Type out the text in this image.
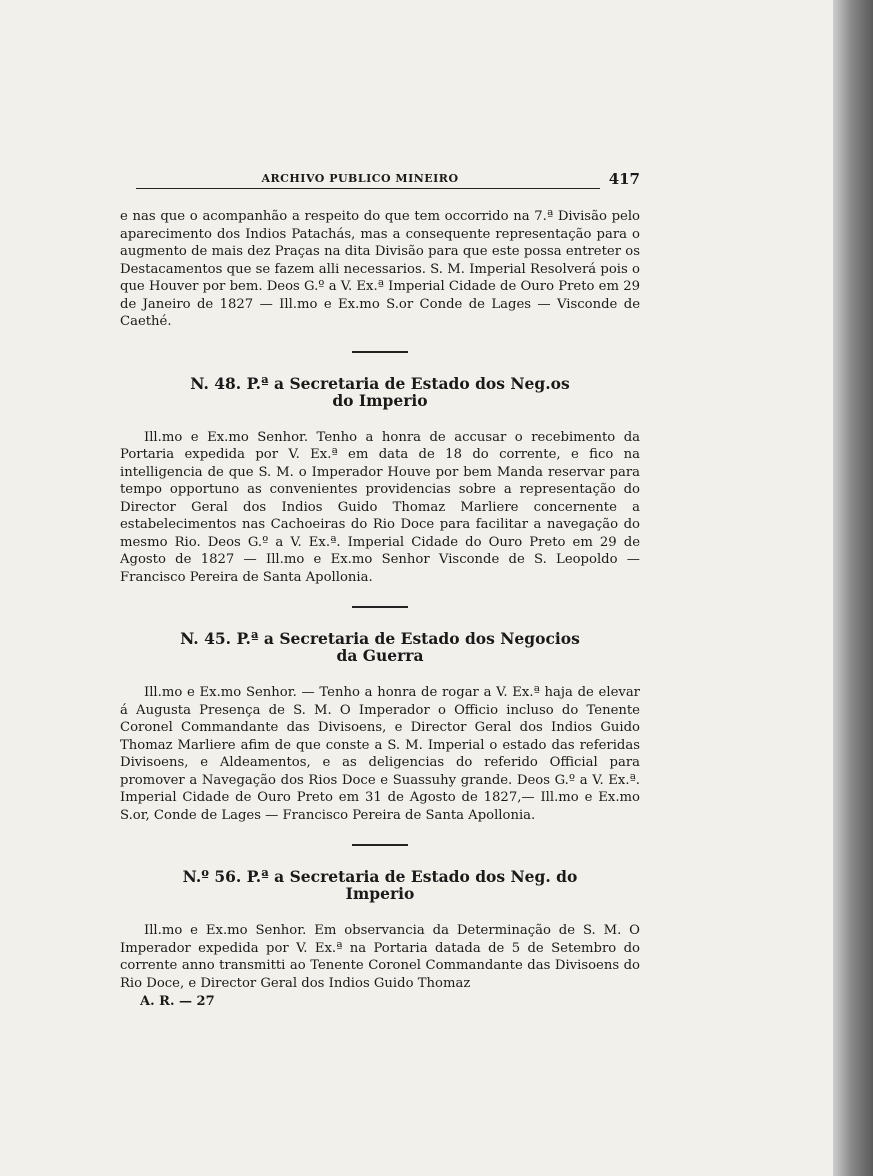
ARCHIVO PUBLICO MINEIRO	417

e nas que o acompanhão a respeito do que tem occorrido na 7.ª Divisão pelo aparecimento dos Indios Patachás, mas a consequente representação para o augmento de mais dez Praças na dita Divisão para que este possa entreter os Destacamentos que se fazem alli necessarios. S. M. Imperial Resolverá pois o que Houver por bem. Deos G.º a V. Ex.ª Imperial Cidade de Ouro Preto em 29 de Janeiro de 1827 — Ill.mo e Ex.mo S.or Conde de Lages — Visconde de Caethé.

N. 48. P.ª a Secretaria de Estado dos Neg.os
do Imperio

Ill.mo e Ex.mo Senhor. Tenho a honra de accusar o recebimento da Portaria expedida por V. Ex.ª em data de 18 do corrente, e fico na intelligencia de que S. M. o Imperador Houve por bem Manda reservar para tempo opportuno as convenientes providencias sobre a representação do Director Geral dos Indios Guido Thomaz Marliere concernente a estabelecimentos nas Cachoeiras do Rio Doce para facilitar a navegação do mesmo Rio. Deos G.º a V. Ex.ª. Imperial Cidade do Ouro Preto em 29 de Agosto de 1827 — Ill.mo e Ex.mo Senhor Visconde de S. Leopoldo — Francisco Pereira de Santa Apollonia.

N. 45. P.ª a Secretaria de Estado dos Negocios
da Guerra

Ill.mo e Ex.mo Senhor. — Tenho a honra de rogar a V. Ex.ª haja de elevar á Augusta Presença de S. M. O Imperador o Officio incluso do Tenente Coronel Commandante das Divisoens, e Director Geral dos Indios Guido Thomaz Marliere afim de que conste a S. M. Imperial o estado das referidas Divisoens, e Aldeamentos, e as deligencias do referido Official para promover a Navegação dos Rios Doce e Suassuhy grande. Deos G.º a V. Ex.ª. Imperial Cidade de Ouro Preto em 31 de Agosto de 1827,— Ill.mo e Ex.mo S.or, Conde de Lages — Francisco Pereira de Santa Apollonia.

N.º 56. P.ª a Secretaria de Estado dos Neg. do
Imperio

Ill.mo e Ex.mo Senhor. Em observancia da Determinação de S. M. O Imperador expedida por V. Ex.ª na Portaria datada de 5 de Setembro do corrente anno transmitti ao Tenente Coronel Commandante das Divisoens do Rio Doce, e Director Geral dos Indios Guido Thomaz

A. R. — 27
